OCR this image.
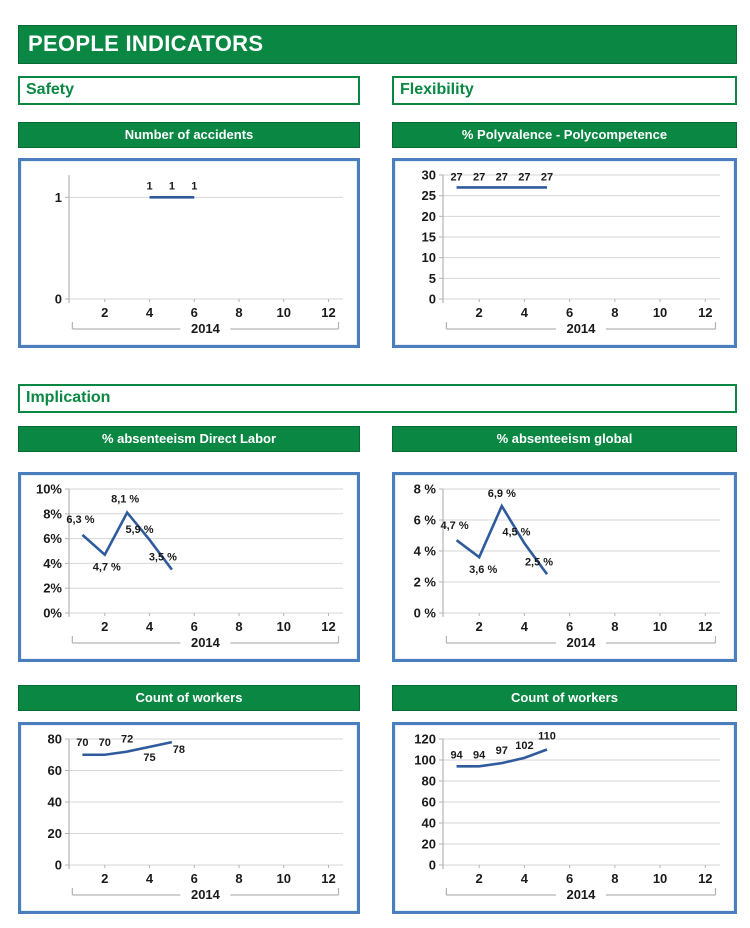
PEOPLE INDICATORS
Safety	Flexibility
Number of accidents	% Polyvalence - Polycompetence
1
0
2	4	6	8	10 12
2014
1 1 1
30
25
20
15
10
5
0
2	4	6	8	10 12
2014
27 27 27 27 27
Implication
% absenteeism Direct Labor	% absenteeism global
10%
8%
6%
4%
2%
0%
2	4	6	8	10 12
2014
6,3 %
4,7 %
8,1 %
5,9 %
3,5 %
8 %
6 %
4 %
2 %
0 %
2	4	6	8	10 12
2014
4,7 %
3,6 %
6,9 %
4,5 %
2,5 %
Count of workers	Count of workers
80
60
40
20
0
2	4	6	8	10 12
2014
70 70 72
75
78
120
100
80
60
40
20
0
2	4	6	8	10 12
2014
94 94 97 102
110
